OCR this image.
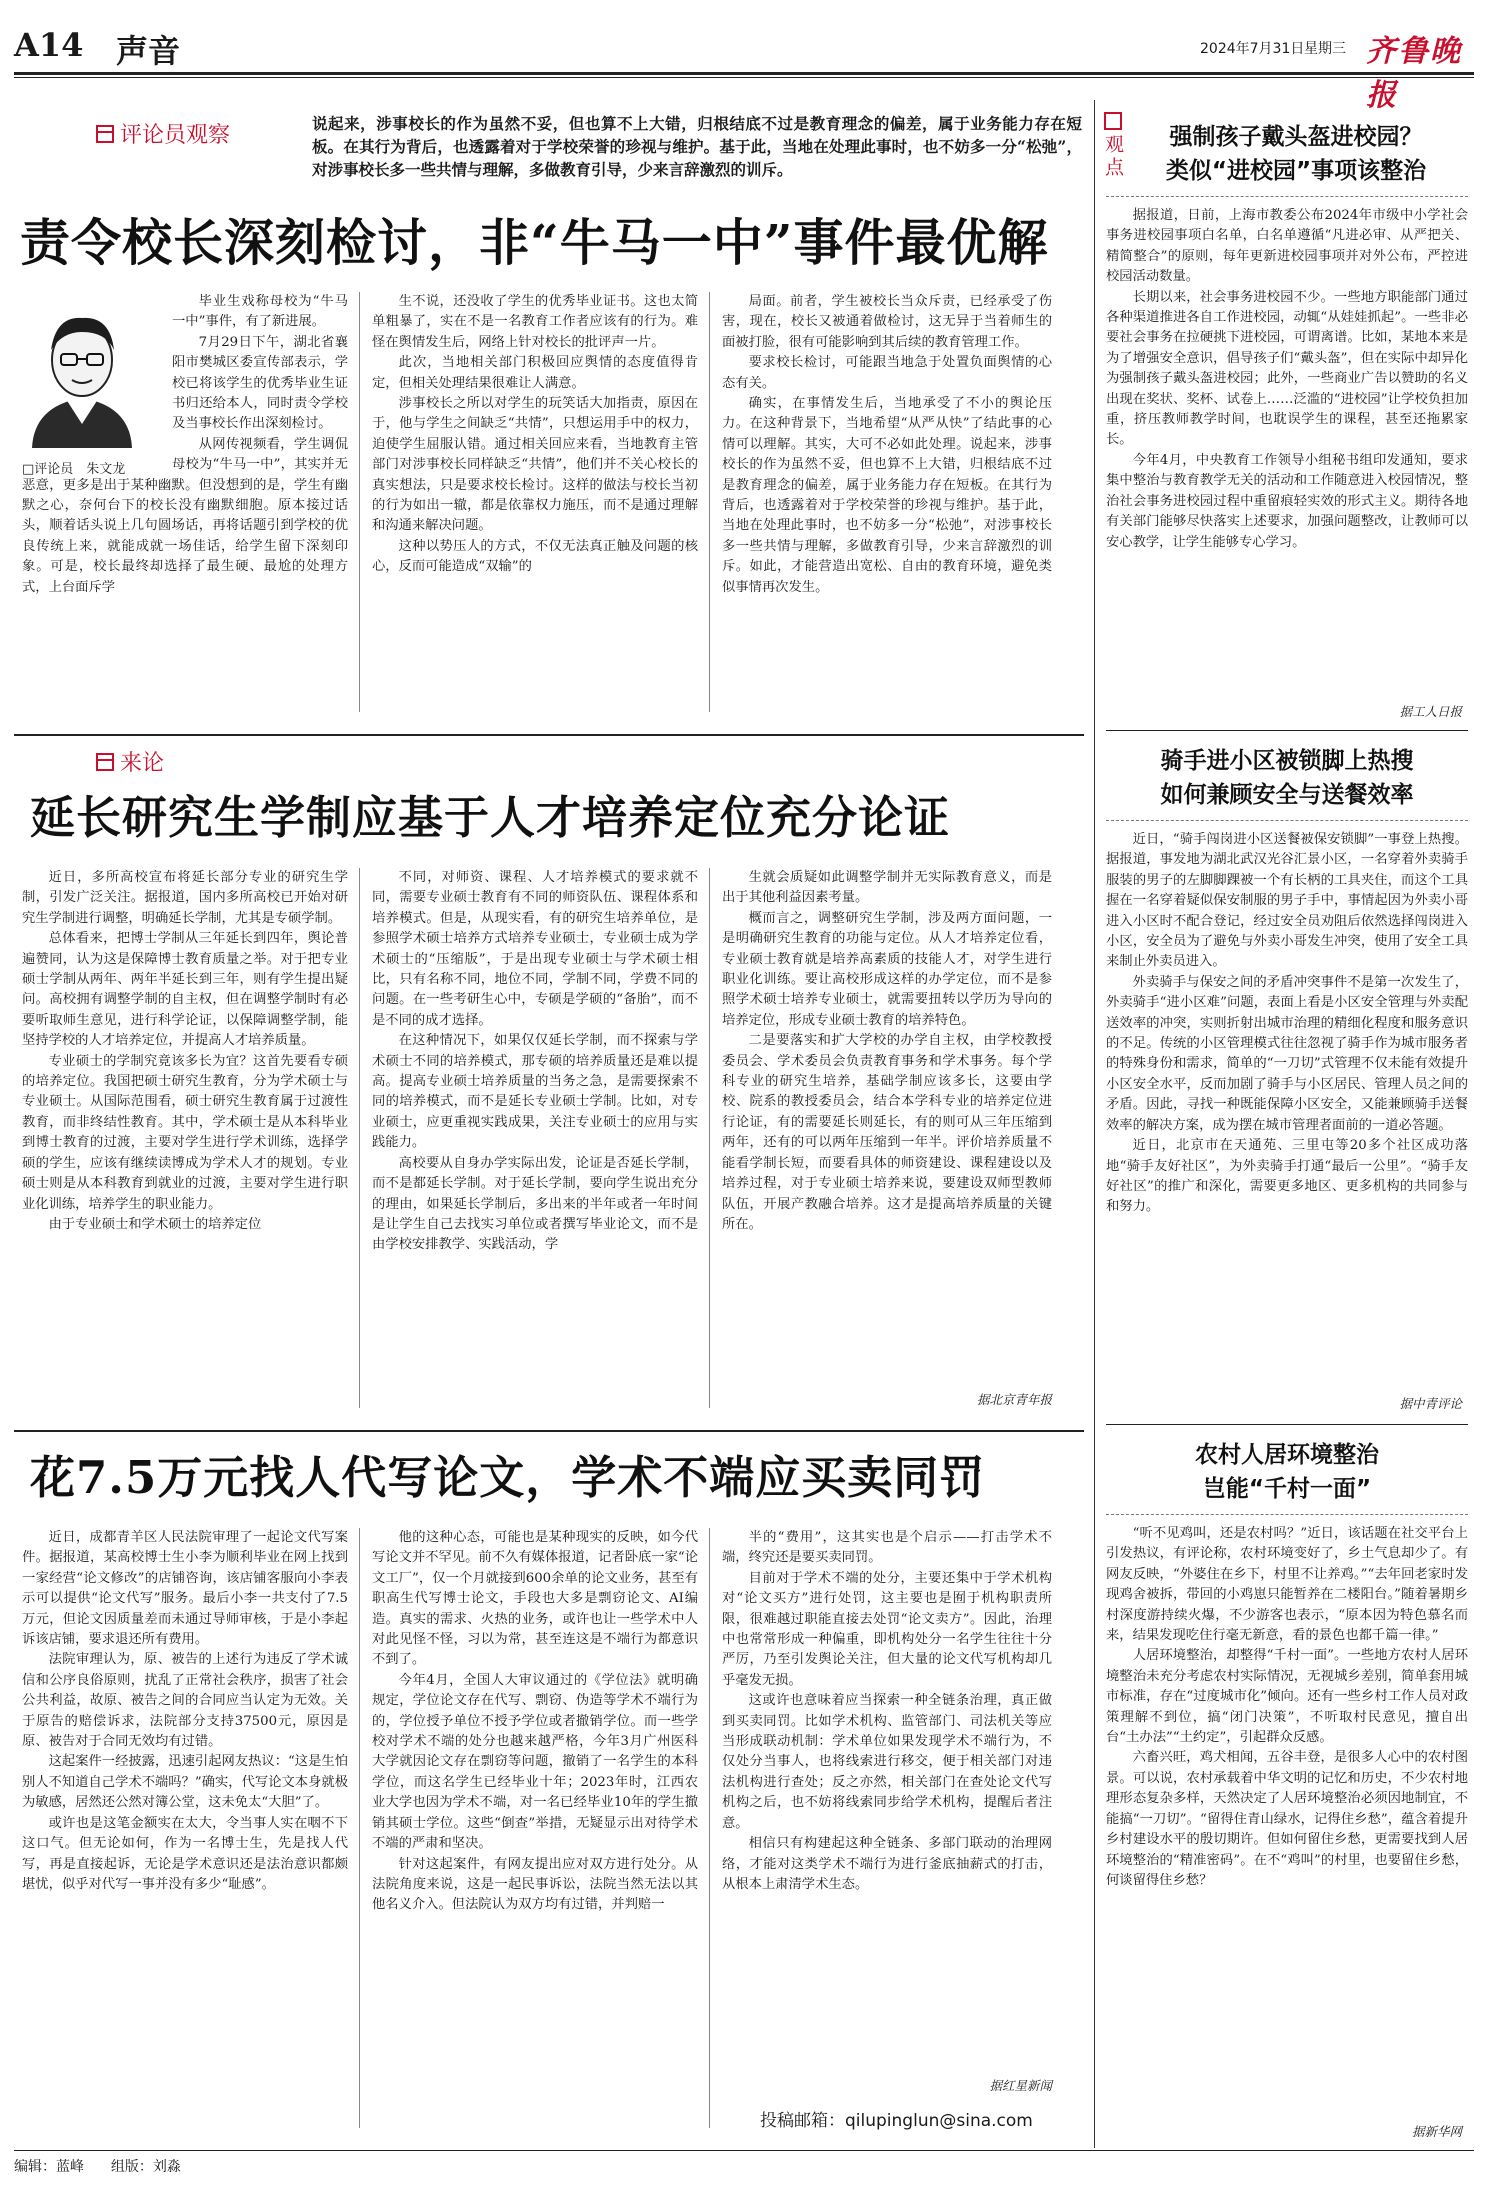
A14 声音	2024年7月31日 星期三 齐鲁晚报
评论员观察	说起来，涉事校长的作为虽然不妥，但也算不上大错，归根结底不过是教育理念的偏差，属于业务能力存在短板。在其行为背后，也透露着对于学校荣誉的珍视与维护。基于此，当地在处理此事时，也不妨多一分“松弛”，对涉事校长多一些共情与理解，多做教育引导，少来言辞激烈的训斥。
责令校长深刻检讨，非“牛马一中”事件最优解
□评论员　朱文龙

毕业生戏称母校为“牛马一中”事件，有了新进展。

7月29日下午，湖北省襄阳市樊城区委宣传部表示，学校已将该学生的优秀毕业生证书归还给本人，同时责令学校及当事校长作出深刻检讨。

从网传视频看，学生调侃母校为“牛马一中”，其实并无恶意，更多是出于某种幽默。但没想到的是，学生有幽默之心，奈何台下的校长没有幽默细胞。原本接过话头，顺着话头说上几句圆场话，再将话题引到学校的优良传统上来，就能成就一场佳话，给学生留下深刻印象。可是，校长最终却选择了最生硬、最尬的处理方式，上台面斥学

生不说，还没收了学生的优秀毕业证书。这也太简单粗暴了，实在不是一名教育工作者应该有的行为。难怪在舆情发生后，网络上针对校长的批评声一片。

此次，当地相关部门积极回应舆情的态度值得肯定，但相关处理结果很难让人满意。

涉事校长之所以对学生的玩笑话大加指责，原因在于，他与学生之间缺乏“共情”，只想运用手中的权力，迫使学生屈服认错。通过相关回应来看，当地教育主管部门对涉事校长同样缺乏“共情”，他们并不关心校长的真实想法，只是要求校长检讨。这样的做法与校长当初的行为如出一辙，都是依靠权力施压，而不是通过理解和沟通来解决问题。

这种以势压人的方式，不仅无法真正触及问题的核心，反而可能造成“双输”的

局面。前者，学生被校长当众斥责，已经承受了伤害，现在，校长又被通着做检讨，这无异于当着师生的面被打脸，很有可能影响到其后续的教育管理工作。

要求校长检讨，可能跟当地急于处置负面舆情的心态有关。

确实，在事情发生后，当地承受了不小的舆论压力。在这种背景下，当地希望“从严从快”了结此事的心情可以理解。其实，大可不必如此处理。说起来，涉事校长的作为虽然不妥，但也算不上大错，归根结底不过是教育理念的偏差，属于业务能力存在短板。在其行为背后，也透露着对于学校荣誉的珍视与维护。基于此，当地在处理此事时，也不妨多一分“松弛”，对涉事校长多一些共情与理解，多做教育引导，少来言辞激烈的训斥。如此，才能营造出宽松、自由的教育环境，避免类似事情再次发生。

来论
延长研究生学制应基于人才培养定位充分论证

近日，多所高校宣布将延长部分专业的研究生学制，引发广泛关注。据报道，国内多所高校已开始对研究生学制进行调整，明确延长学制，尤其是专硕学制。

总体看来，把博士学制从三年延长到四年，舆论普遍赞同，认为这是保障博士教育质量之举。对于把专业硕士学制从两年、两年半延长到三年，则有学生提出疑问。高校拥有调整学制的自主权，但在调整学制时有必要听取师生意见，进行科学论证，以保障调整学制，能坚持学校的人才培养定位，并提高人才培养质量。

专业硕士的学制究竟该多长为宜？这首先要看专硕的培养定位。我国把硕士研究生教育，分为学术硕士与专业硕士。从国际范围看，硕士研究生教育属于过渡性教育，而非终结性教育。其中，学术硕士是从本科毕业到博士教育的过渡，主要对学生进行学术训练，选择学硕的学生，应该有继续读博成为学术人才的规划。专业硕士则是从本科教育到就业的过渡，主要对学生进行职业化训练，培养学生的职业能力。

由于专业硕士和学术硕士的培养定位

不同，对师资、课程、人才培养模式的要求就不同，需要专业硕士教育有不同的师资队伍、课程体系和培养模式。但是，从现实看，有的研究生培养单位，是参照学术硕士培养方式培养专业硕士，专业硕士成为学术硕士的“压缩版”，于是出现专业硕士与学术硕士相比，只有名称不同，地位不同，学制不同，学费不同的问题。在一些考研生心中，专硕是学硕的“备胎”，而不是不同的成才选择。

在这种情况下，如果仅仅延长学制，而不探索与学术硕士不同的培养模式，那专硕的培养质量还是难以提高。提高专业硕士培养质量的当务之急，是需要探索不同的培养模式，而不是延长专业硕士学制。比如，对专业硕士，应更重视实践成果，关注专业硕士的应用与实践能力。

高校要从自身办学实际出发，论证是否延长学制，而不是都延长学制。对于延长学制，要向学生说出充分的理由，如果延长学制后，多出来的半年或者一年时间是让学生自己去找实习单位或者撰写毕业论文，而不是由学校安排教学、实践活动，学

生就会质疑如此调整学制并无实际教育意义，而是出于其他利益因素考量。

概而言之，调整研究生学制，涉及两方面问题，一是明确研究生教育的功能与定位。从人才培养定位看，专业硕士教育就是培养高素质的技能人才，对学生进行职业化训练。要让高校形成这样的办学定位，而不是参照学术硕士培养专业硕士，就需要扭转以学历为导向的培养定位，形成专业硕士教育的培养特色。

二是要落实和扩大学校的办学自主权，由学校教授委员会、学术委员会负责教育事务和学术事务。每个学科专业的研究生培养，基础学制应该多长，这要由学校、院系的教授委员会，结合本学科专业的培养定位进行论证，有的需要延长则延长，有的则可从三年压缩到两年，还有的可以两年压缩到一年半。评价培养质量不能看学制长短，而要看具体的师资建设、课程建设以及培养过程，对于专业硕士培养来说，要建设双师型教师队伍，开展产教融合培养。这才是提高培养质量的关键所在。

据北京青年报
花7.5万元找人代写论文，学术不端应买卖同罚

近日，成都青羊区人民法院审理了一起论文代写案件。据报道，某高校博士生小李为顺利毕业在网上找到一家经营“论文修改”的店铺咨询，该店铺客服向小李表示可以提供“论文代写”服务。最后小李一共支付了7.5万元，但论文因质量差而未通过导师审核，于是小李起诉该店铺，要求退还所有费用。

法院审理认为，原、被告的上述行为违反了学术诚信和公序良俗原则，扰乱了正常社会秩序，损害了社会公共利益，故原、被告之间的合同应当认定为无效。关于原告的赔偿诉求，法院部分支持37500元，原因是原、被告对于合同无效均有过错。

这起案件一经披露，迅速引起网友热议：“这是生怕别人不知道自己学术不端吗？”确实，代写论文本身就极为敏感，居然还公然对簿公堂，这未免太“大胆”了。

或许也是这笔金额实在太大，令当事人实在咽不下这口气。但无论如何，作为一名博士生，先是找人代写，再是直接起诉，无论是学术意识还是法治意识都颇堪忧，似乎对代写一事并没有多少“耻感”。

他的这种心态，可能也是某种现实的反映，如今代写论文并不罕见。前不久有媒体报道，记者卧底一家“论文工厂”，仅一个月就接到600余单的论文业务，甚至有职高生代写博士论文，手段也大多是剽窃论文、AI编造。真实的需求、火热的业务，或许也让一些学术中人对此见怪不怪，习以为常，甚至连这是不端行为都意识不到了。

今年4月，全国人大审议通过的《学位法》就明确规定，学位论文存在代写、剽窃、伪造等学术不端行为的，学位授予单位不授予学位或者撤销学位。而一些学校对学术不端的处分也越来越严格，今年3月广州医科大学就因论文存在剽窃等问题，撤销了一名学生的本科学位，而这名学生已经毕业十年；2023年时，江西农业大学也因为学术不端，对一名已经毕业10年的学生撤销其硕士学位。这些“倒查”举措，无疑显示出对待学术不端的严肃和坚决。

针对这起案件，有网友提出应对双方进行处分。从法院角度来说，这是一起民事诉讼，法院当然无法以其他名义介入。但法院认为双方均有过错，并判赔一

半的“费用”，这其实也是个启示——打击学术不端，终究还是要买卖同罚。

目前对于学术不端的处分，主要还集中于学术机构对“论文买方”进行处罚，这主要也是囿于机构职责所限，很难越过职能直接去处罚“论文卖方”。因此，治理中也常常形成一种偏重，即机构处分一名学生往往十分严厉，乃至引发舆论关注，但大量的论文代写机构却几乎毫发无损。

这或许也意味着应当探索一种全链条治理，真正做到买卖同罚。比如学术机构、监管部门、司法机关等应当形成联动机制：学术单位如果发现学术不端行为，不仅处分当事人，也将线索进行移交，便于相关部门对违法机构进行查处；反之亦然，相关部门在查处论文代写机构之后，也不妨将线索同步给学术机构，提醒后者注意。

相信只有构建起这种全链条、多部门联动的治理网络，才能对这类学术不端行为进行釜底抽薪式的打击，从根本上肃清学术生态。

据红星新闻
投稿邮箱：qilupinglun@sina.com
观点	强制孩子戴头盔进校园？
类似“进校园”事项该整治

据报道，日前，上海市教委公布2024年市级中小学社会事务进校园事项白名单，白名单遵循“凡进必审、从严把关、精简整合”的原则，每年更新进校园事项并对外公布，严控进校园活动数量。

长期以来，社会事务进校园不少。一些地方职能部门通过各种渠道推进各自工作进校园，动辄“从娃娃抓起”。一些非必要社会事务在拉硬挑下进校园，可谓离谱。比如，某地本来是为了增强安全意识，倡导孩子们“戴头盔”，但在实际中却异化为强制孩子戴头盔进校园；此外，一些商业广告以赞助的名义出现在奖状、奖杯、试卷上……泛滥的“进校园”让学校负担加重，挤压教师教学时间，也耽误学生的课程，甚至还拖累家长。

今年4月，中央教育工作领导小组秘书组印发通知，要求集中整治与教育教学无关的活动和工作随意进入校园情况，整治社会事务进校园过程中重留痕轻实效的形式主义。期待各地有关部门能够尽快落实上述要求，加强问题整改，让教师可以安心教学，让学生能够专心学习。

据工人日报
骑手进小区被锁脚上热搜
如何兼顾安全与送餐效率

近日，“骑手闯岗进小区送餐被保安锁脚”一事登上热搜。据报道，事发地为湖北武汉光谷汇景小区，一名穿着外卖骑手服装的男子的左脚脚踝被一个有长柄的工具夹住，而这个工具握在一名穿着疑似保安制服的男子手中，事情起因为外卖小哥进入小区时不配合登记，经过安全员劝阻后依然选择闯岗进入小区，安全员为了避免与外卖小哥发生冲突，使用了安全工具来制止外卖员进入。

外卖骑手与保安之间的矛盾冲突事件不是第一次发生了，外卖骑手“进小区难”问题，表面上看是小区安全管理与外卖配送效率的冲突，实则折射出城市治理的精细化程度和服务意识的不足。传统的小区管理模式往往忽视了骑手作为城市服务者的特殊身份和需求，简单的“一刀切”式管理不仅未能有效提升小区安全水平，反而加剧了骑手与小区居民、管理人员之间的矛盾。因此，寻找一种既能保障小区安全，又能兼顾骑手送餐效率的解决方案，成为摆在城市管理者面前的一道必答题。

近日，北京市在天通苑、三里屯等20多个社区成功落地“骑手友好社区”，为外卖骑手打通“最后一公里”。“骑手友好社区”的推广和深化，需要更多地区、更多机构的共同参与和努力。

据中青评论
农村人居环境整治
岂能“千村一面”

“听不见鸡叫，还是农村吗？”近日，该话题在社交平台上引发热议，有评论称，农村环境变好了，乡土气息却少了。有网友反映，“外婆住在乡下，村里不让养鸡。”“去年回老家时发现鸡舍被拆，带回的小鸡崽只能暂养在二楼阳台。”随着暑期乡村深度游持续火爆，不少游客也表示，“原本因为特色慕名而来，结果发现吃住行毫无新意，看的景色也都千篇一律。”

人居环境整治，却整得“千村一面”。一些地方农村人居环境整治未充分考虑农村实际情况，无视城乡差别，简单套用城市标准，存在“过度城市化”倾向。还有一些乡村工作人员对政策理解不到位，搞“闭门决策”，不听取村民意见，擅自出台“土办法”“土约定”，引起群众反感。

六畜兴旺，鸡犬相闻，五谷丰登，是很多人心中的农村图景。可以说，农村承载着中华文明的记忆和历史，不少农村地理形态复杂多样，天然决定了人居环境整治必须因地制宜，不能搞“一刀切”。“留得住青山绿水，记得住乡愁”，蕴含着提升乡村建设水平的殷切期许。但如何留住乡愁，更需要找到人居环境整治的“精准密码”。在不“鸡叫”的村里，也要留住乡愁，何谈留得住乡愁？

据新华网
编辑：蓝峰 组版：刘淼
